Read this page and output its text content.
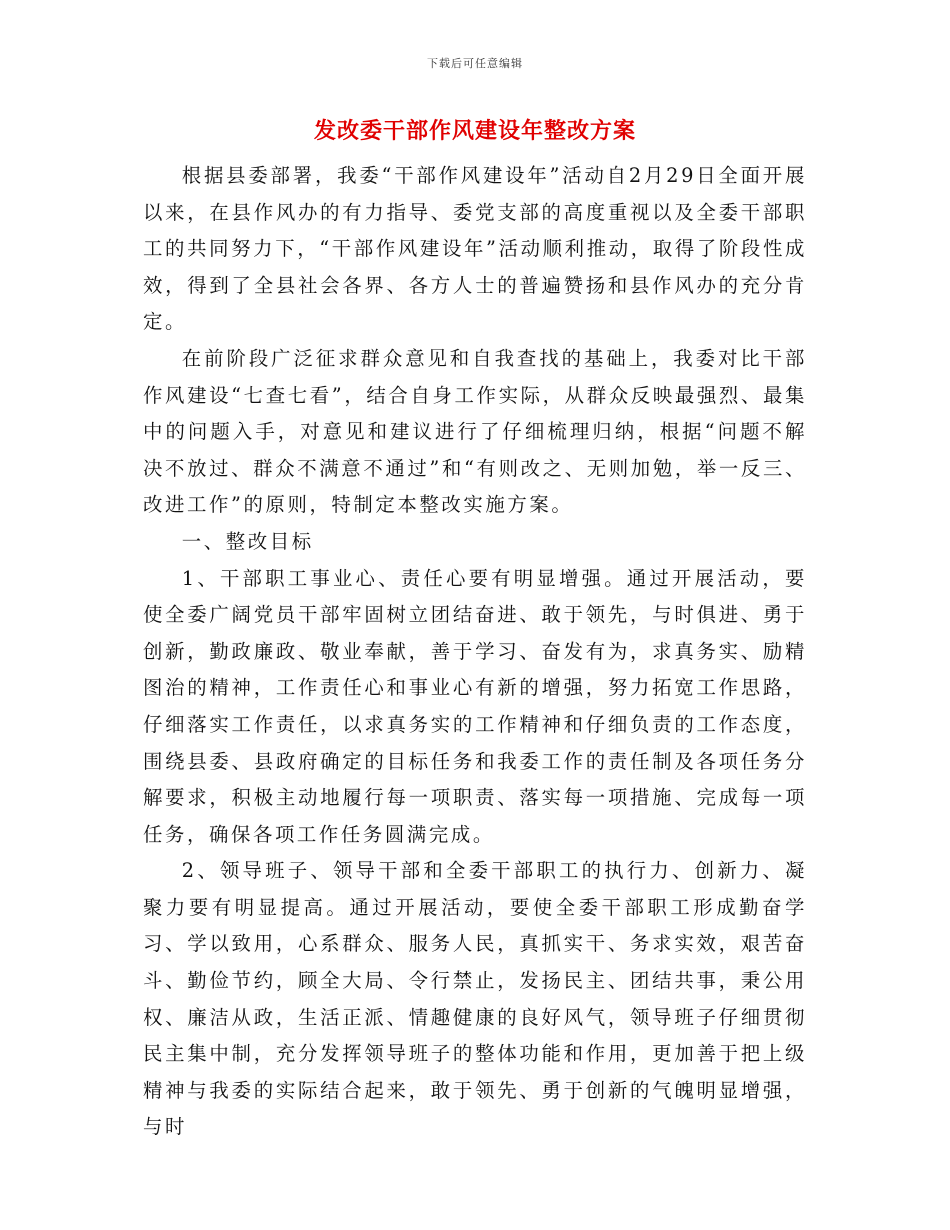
下载后可任意编辑
发改委干部作风建设年整改方案

根据县委部署，我委“干部作风建设年”活动自2月29日全面开展以来，在县作风办的有力指导、委党支部的高度重视以及全委干部职工的共同努力下，“干部作风建设年”活动顺利推动，取得了阶段性成效，得到了全县社会各界、各方人士的普遍赞扬和县作风办的充分肯定。

在前阶段广泛征求群众意见和自我查找的基础上，我委对比干部作风建设“七查七看”，结合自身工作实际，从群众反映最强烈、最集中的问题入手，对意见和建议进行了仔细梳理归纳，根据“问题不解决不放过、群众不满意不通过”和“有则改之、无则加勉，举一反三、改进工作”的原则，特制定本整改实施方案。

一、整改目标

1、干部职工事业心、责任心要有明显增强。通过开展活动，要使全委广阔党员干部牢固树立团结奋进、敢于领先，与时俱进、勇于创新，勤政廉政、敬业奉献，善于学习、奋发有为，求真务实、励精图治的精神，工作责任心和事业心有新的增强，努力拓宽工作思路，仔细落实工作责任，以求真务实的工作精神和仔细负责的工作态度，围绕县委、县政府确定的目标任务和我委工作的责任制及各项任务分解要求，积极主动地履行每一项职责、落实每一项措施、完成每一项任务，确保各项工作任务圆满完成。

2、领导班子、领导干部和全委干部职工的执行力、创新力、凝聚力要有明显提高。通过开展活动，要使全委干部职工形成勤奋学习、学以致用，心系群众、服务人民，真抓实干、务求实效，艰苦奋斗、勤俭节约，顾全大局、令行禁止，发扬民主、团结共事，秉公用权、廉洁从政，生活正派、情趣健康的良好风气，领导班子仔细贯彻民主集中制，充分发挥领导班子的整体功能和作用，更加善于把上级精神与我委的实际结合起来，敢于领先、勇于创新的气魄明显增强，与时
